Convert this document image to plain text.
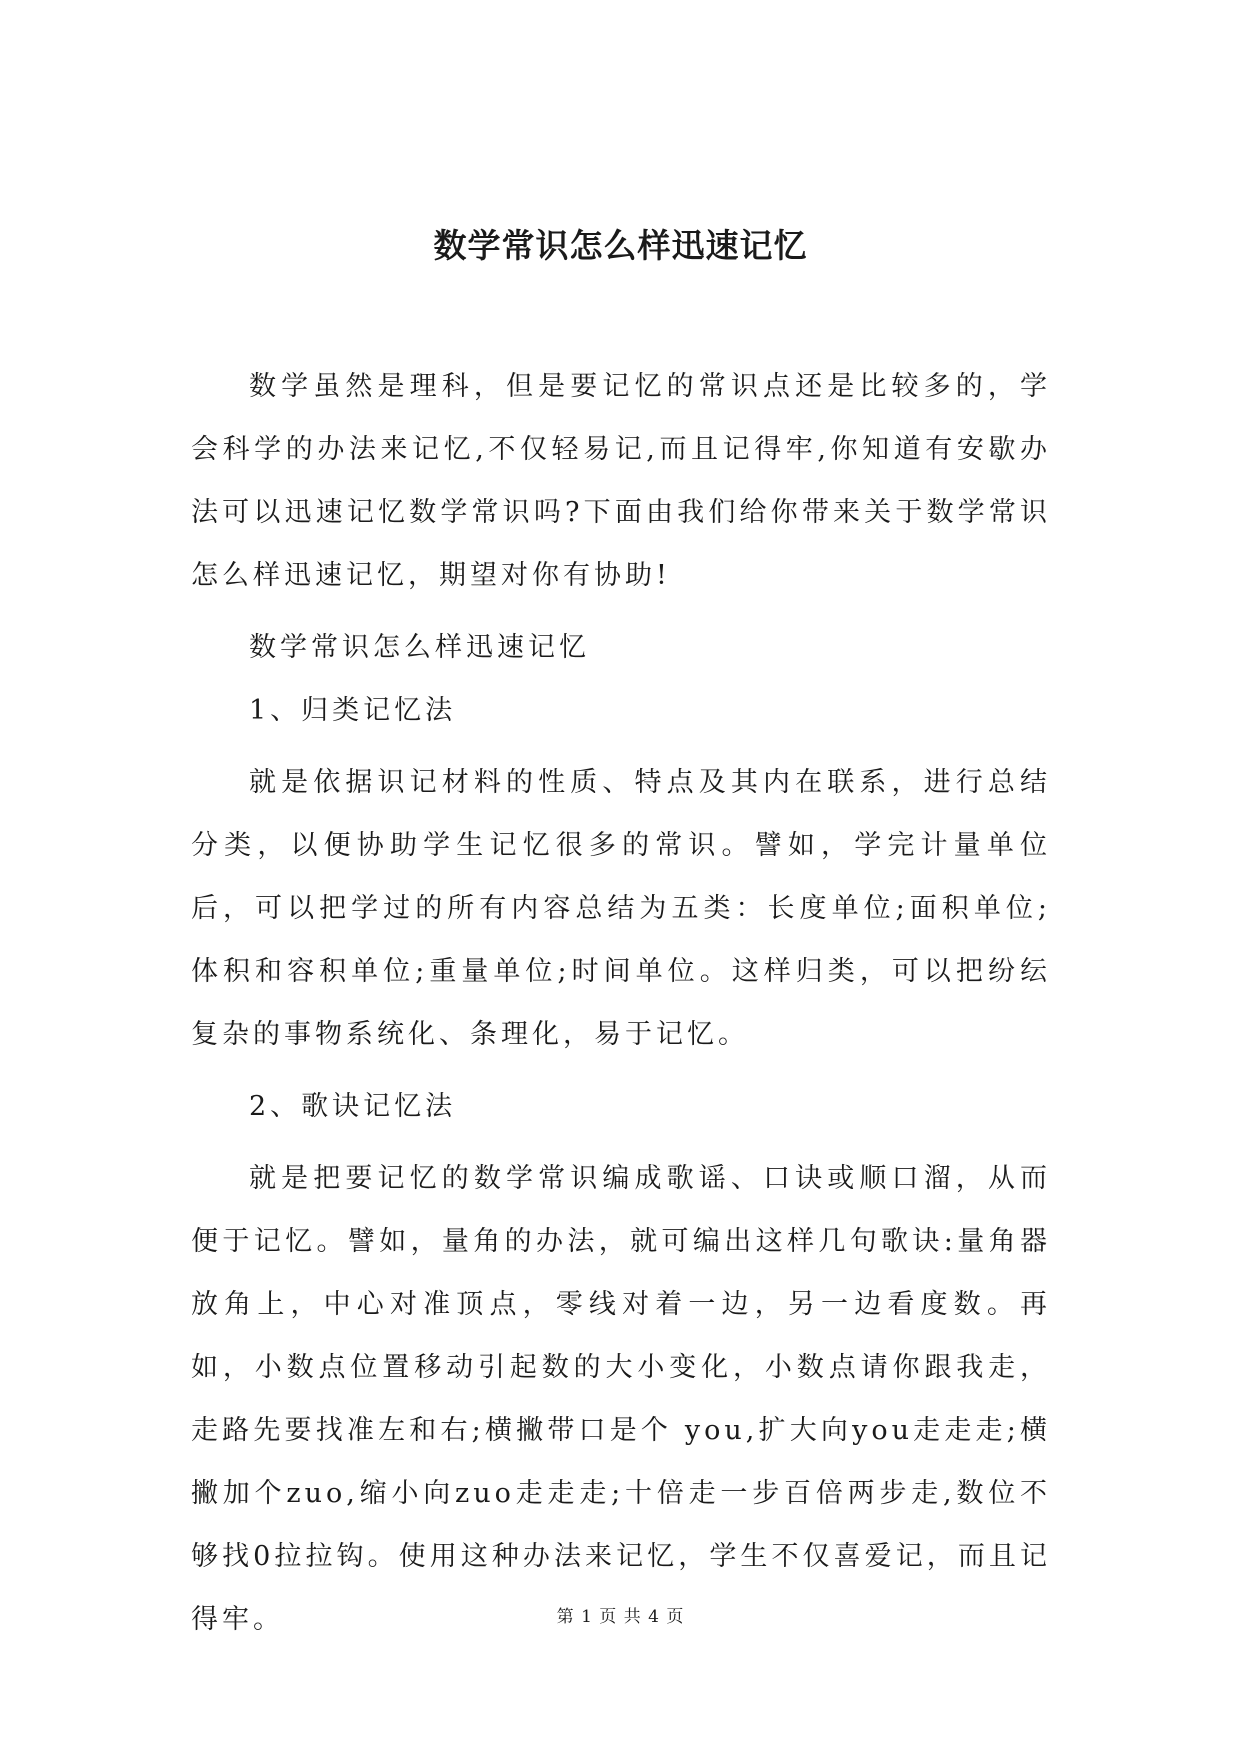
数学常识怎么样迅速记忆

数学虽然是理科，但是要记忆的常识点还是比较多的，学会科学的办法来记忆,不仅轻易记,而且记得牢,你知道有安歇办法可以迅速记忆数学常识吗?下面由我们给你带来关于数学常识怎么样迅速记忆，期望对你有协助!

数学常识怎么样迅速记忆

1、归类记忆法

就是依据识记材料的性质、特点及其内在联系，进行总结分类，以便协助学生记忆很多的常识。譬如，学完计量单位后，可以把学过的所有内容总结为五类：长度单位;面积单位;体积和容积单位;重量单位;时间单位。这样归类，可以把纷纭复杂的事物系统化、条理化，易于记忆。

2、歌诀记忆法

就是把要记忆的数学常识编成歌谣、口诀或顺口溜，从而便于记忆。譬如，量角的办法，就可编出这样几句歌诀:量角器放角上，中心对准顶点，零线对着一边，另一边看度数。再如，小数点位置移动引起数的大小变化，小数点请你跟我走，走路先要找准左和右;横撇带口是个 you,扩大向you走走走;横撇加个zuo,缩小向zuo走走走;十倍走一步百倍两步走,数位不够找0拉拉钩。使用这种办法来记忆，学生不仅喜爱记，而且记得牢。	第 1 页 共 4 页
